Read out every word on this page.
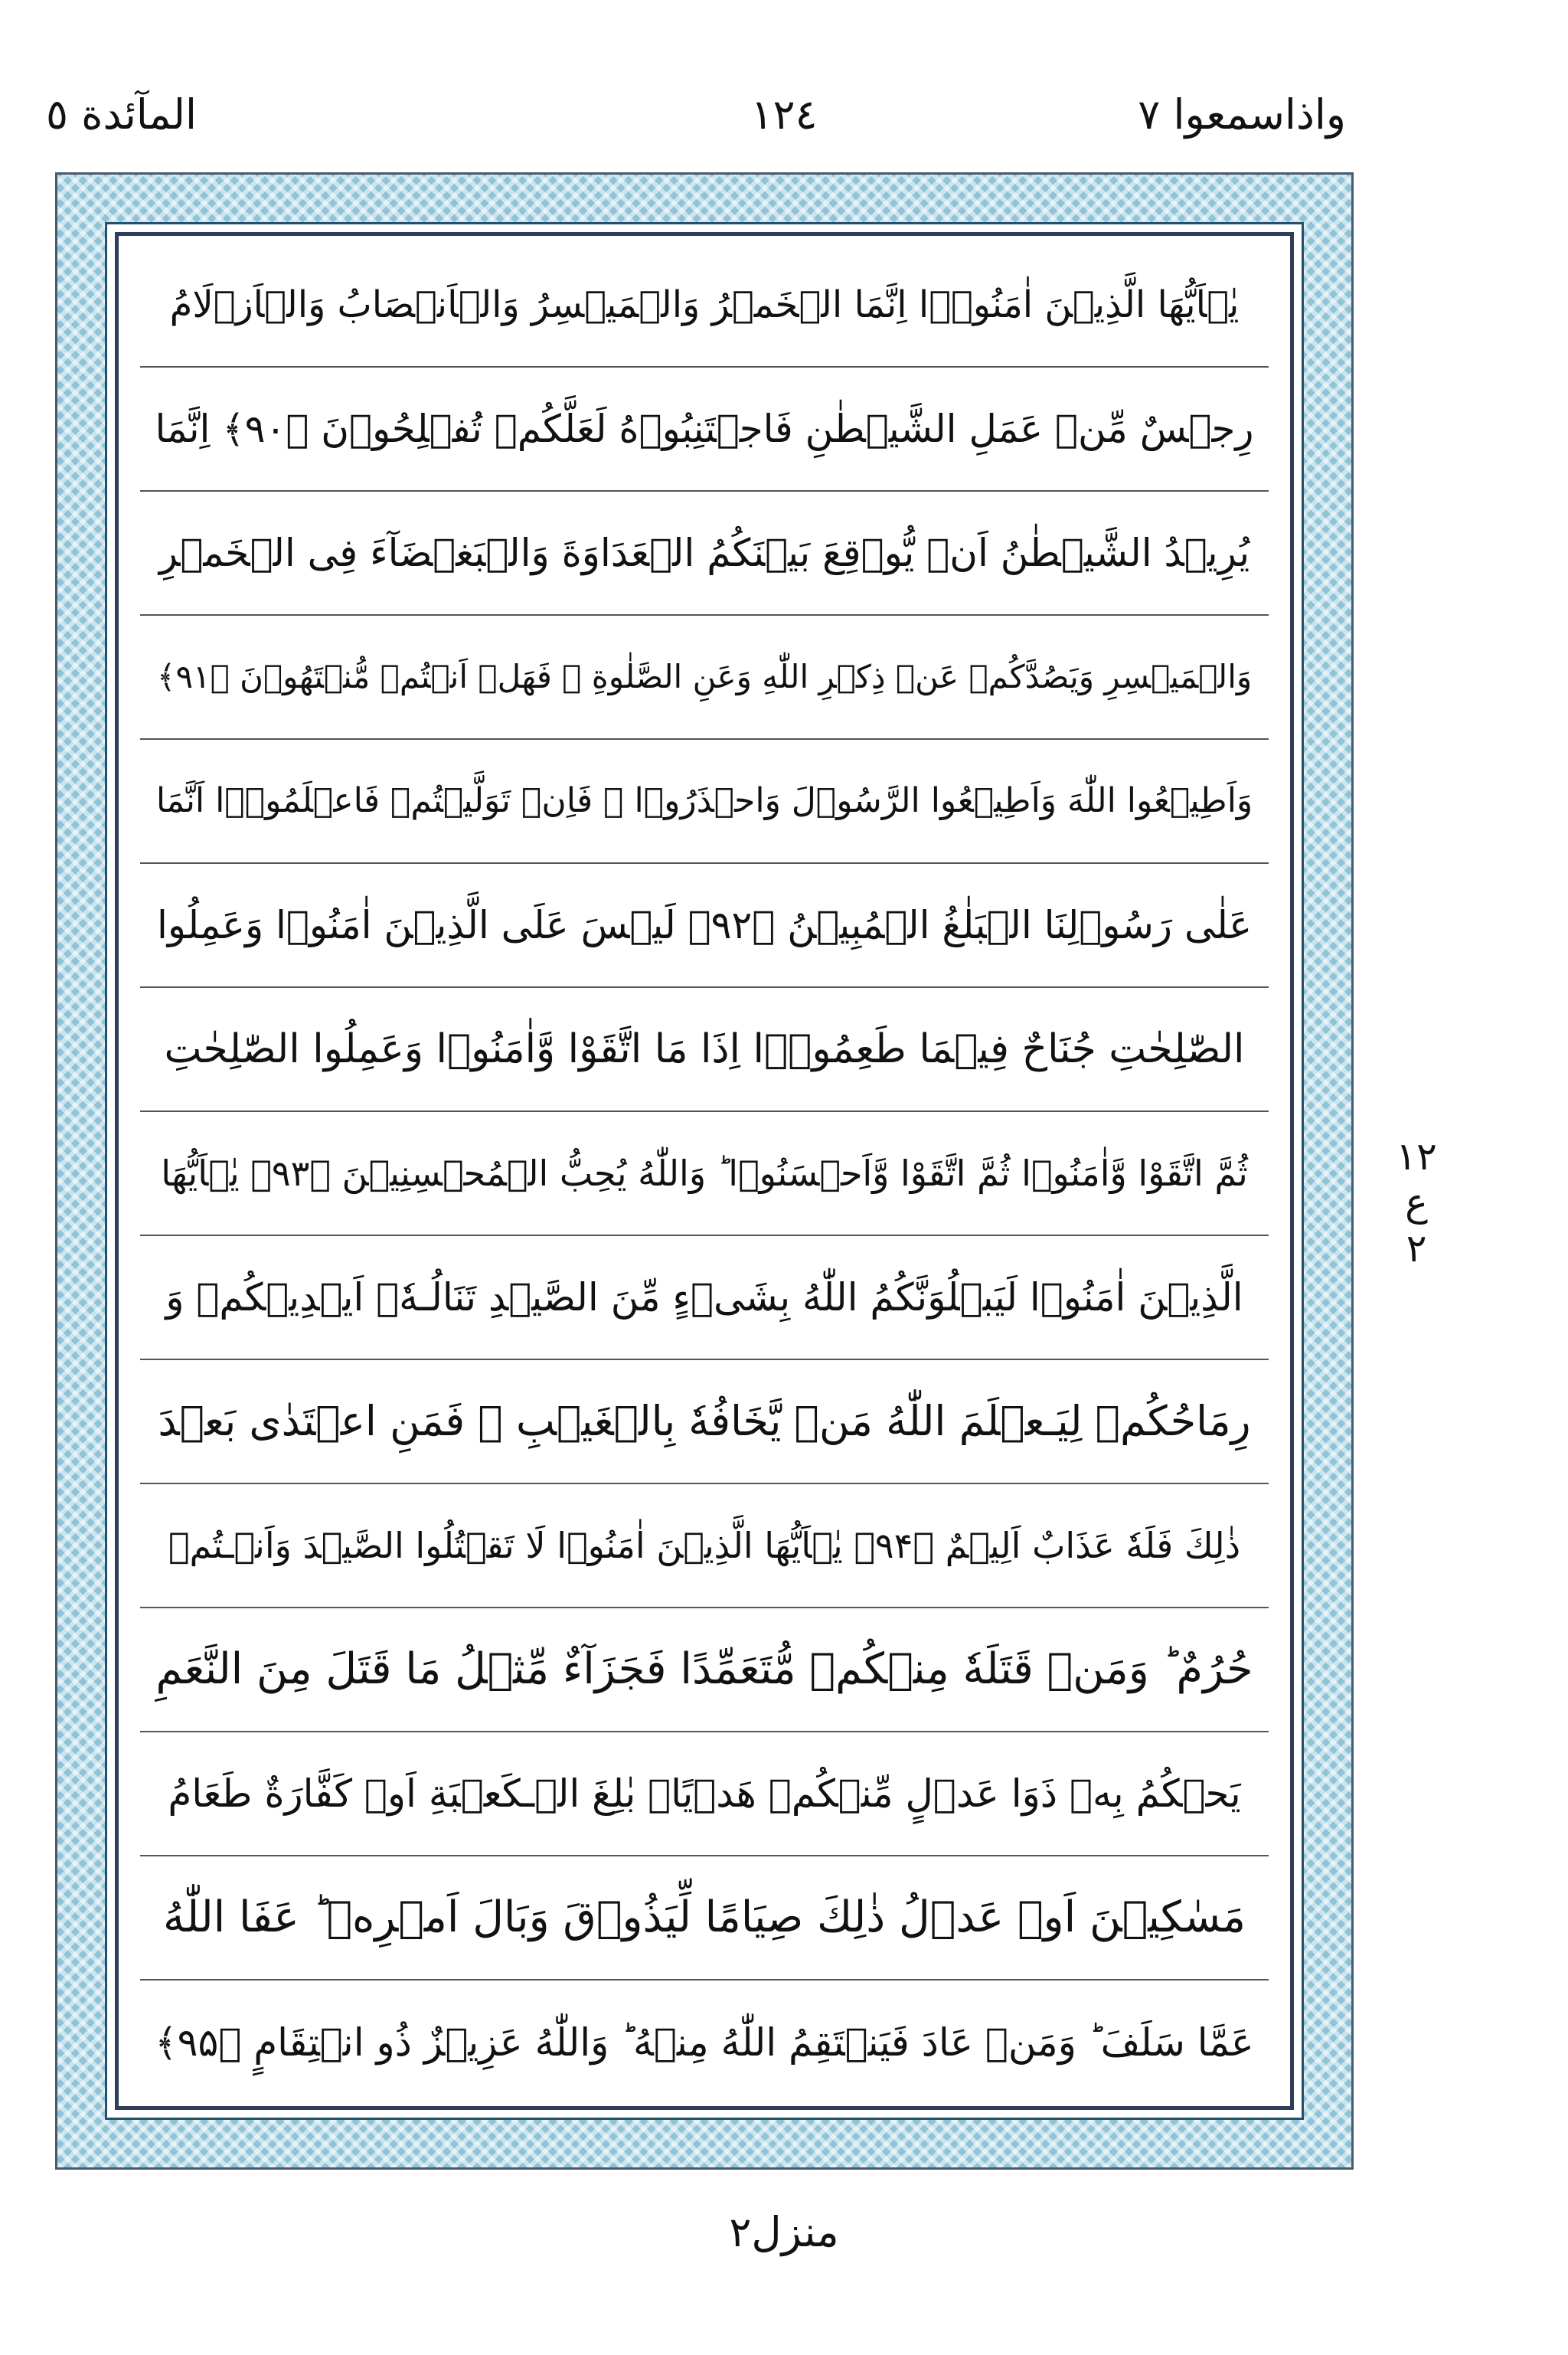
واذاسمعوا ٧
١٢٤
المآئدة ٥
يٰۤاَيُّهَا الَّذِيۡنَ اٰمَنُوۡۤا اِنَّمَا الۡخَمۡرُ وَالۡمَيۡسِرُ وَالۡاَنۡصَابُ وَالۡاَزۡلَامُ
رِجۡسٌ مِّنۡ عَمَلِ الشَّيۡطٰنِ فَاجۡتَنِبُوۡهُ لَعَلَّكُمۡ تُفۡلِحُوۡنَ ﴿۹۰﴾ اِنَّمَا
يُرِيۡدُ الشَّيۡطٰنُ اَنۡ يُّوۡقِعَ بَيۡنَكُمُ الۡعَدَاوَةَ وَالۡبَغۡضَآءَ فِى الۡخَمۡرِ
وَالۡمَيۡسِرِ وَيَصُدَّكُمۡ عَنۡ ذِكۡرِ اللّٰهِ وَعَنِ الصَّلٰوةِ‌ ۚ فَهَلۡ اَنۡتُمۡ مُّنۡتَهُوۡنَ ﴿۹۱﴾
وَاَطِيۡعُوا اللّٰهَ وَاَطِيۡعُوا الرَّسُوۡلَ وَاحۡذَرُوۡا‌ ۚ فَاِنۡ تَوَلَّيۡتُمۡ فَاعۡلَمُوۡۤا اَنَّمَا
عَلٰى رَسُوۡلِنَا الۡبَلٰغُ الۡمُبِيۡنُ ﴿۹۲﴾ لَيۡسَ عَلَى الَّذِيۡنَ اٰمَنُوۡا وَعَمِلُوا
الصّٰلِحٰتِ جُنَاحٌ فِيۡمَا طَعِمُوۡۤا اِذَا مَا اتَّقَوْا وَّاٰمَنُوۡا وَعَمِلُوا الصّٰلِحٰتِ
ثُمَّ اتَّقَوْا وَّاٰمَنُوۡا ثُمَّ اتَّقَوْا وَّاَحۡسَنُوۡا‌ ؕ وَاللّٰهُ يُحِبُّ الۡمُحۡسِنِيۡنَ ﴿۹۳﴾ يٰۤاَيُّهَا
الَّذِيۡنَ اٰمَنُوۡا لَيَبۡلُوَنَّكُمُ اللّٰهُ بِشَىۡءٍ مِّنَ الصَّيۡدِ تَنَالُـهٗۤ اَيۡدِيۡكُمۡ وَ
رِمَاحُكُمۡ لِيَـعۡلَمَ اللّٰهُ مَنۡ يَّخَافُهٗ بِالۡغَيۡبِ‌ ۚ فَمَنِ اعۡتَدٰى بَعۡدَ
ذٰلِكَ فَلَهٗ عَذَابٌ اَلِيۡمٌ‏ ﴿۹۴﴾ يٰۤاَيُّهَا الَّذِيۡنَ اٰمَنُوۡا لَا تَقۡتُلُوا الصَّيۡدَ وَاَنۡـتُمۡ
حُرُمٌ‌ ؕ وَمَنۡ قَتَلَهٗ مِنۡكُمۡ مُّتَعَمِّدًا فَجَزَآءٌ مِّثۡلُ مَا قَتَلَ مِنَ النَّعَمِ
يَحۡكُمُ بِهٖ ذَوَا عَدۡلٍ مِّنۡكُمۡ هَدۡيًاۢ بٰلِغَ الۡـكَعۡبَةِ اَوۡ كَفَّارَةٌ طَعَامُ
مَسٰكِيۡنَ اَوۡ عَدۡلُ ذٰلِكَ صِيَامًا لِّيَذُوۡقَ وَبَالَ اَمۡرِهٖ‌ ؕ عَفَا اللّٰهُ
عَمَّا سَلَفَ‌ ؕ وَمَنۡ عَادَ فَيَنۡتَقِمُ اللّٰهُ مِنۡهُ‌ ؕ وَاللّٰهُ عَزِيۡزٌ ذُو انۡتِقَامٍ ﴿۹۵﴾
١٢
ع
٢
منزل٢
